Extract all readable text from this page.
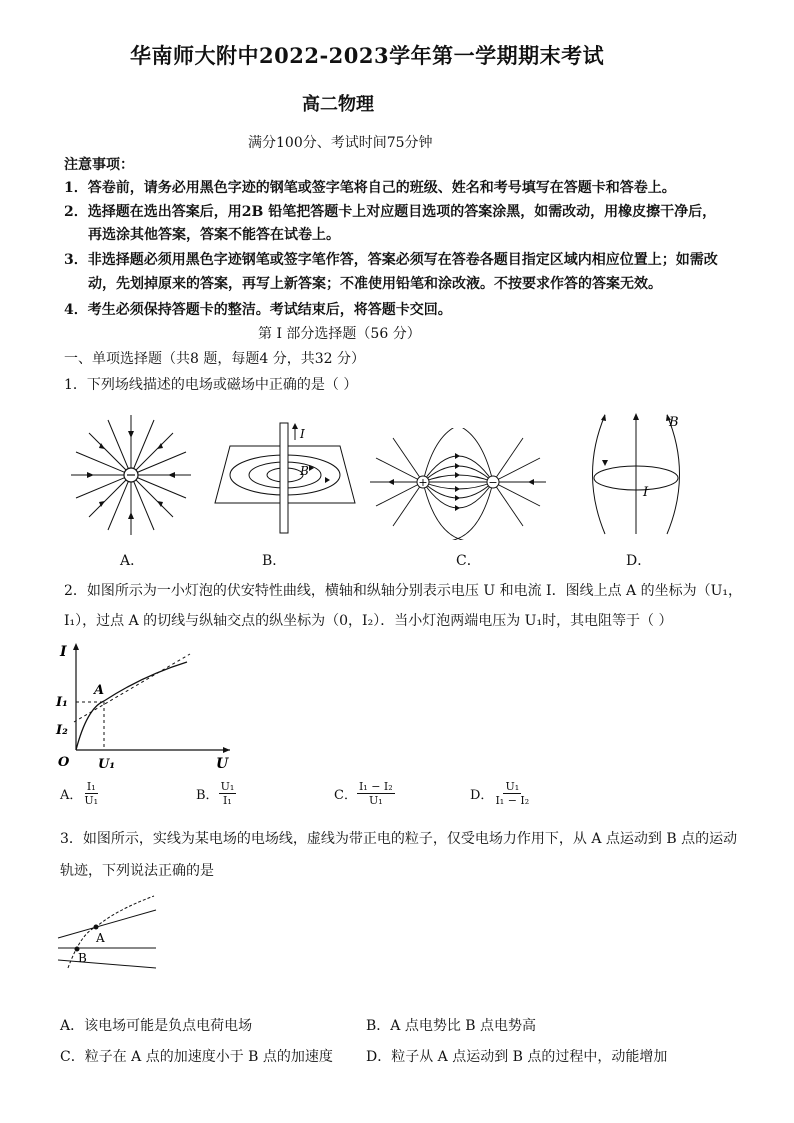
华南师大附中2022-2023学年第一学期期末考试
高二物理
满分100分、考试时间75分钟
注意事项：
1．答卷前，请务必用黑色字迹的钢笔或签字笔将自己的班级、姓名和考号填写在答题卡和答卷上。
2．选择题在选出答案后，用2B 铅笔把答题卡上对应题目选项的答案涂黑，如需改动，用橡皮擦干净后，
再选涂其他答案，答案不能答在试卷上。
3．非选择题必须用黑色字迹钢笔或签字笔作答，答案必须写在答卷各题目指定区域内相应位置上；如需改
动，先划掉原来的答案，再写上新答案；不准使用铅笔和涂改液。不按要求作答的答案无效。
4．考生必须保持答题卡的整洁。考试结束后，将答题卡交回。
第 I 部分选择题（56 分）
一、单项选择题（共8 题，每题4 分，共32 分）
1．下列场线描述的电场或磁场中正确的是（ ）
A．
I
B
B．
+	−
C．
B
I
D．
2．如图所示为一小灯泡的伏安特性曲线，横轴和纵轴分别表示电压 U 和电流 I．图线上点 A 的坐标为（U₁，
I₁），过点 A 的切线与纵轴交点的纵坐标为（0，I₂）．当小灯泡两端电压为 U₁时，其电阻等于（ ）
I
U
O
I₁
I₂
U₁
A
A． $\frac{\text{I₁}}{\text{U₁}}$	B． $\frac{\text{U₁}}{\text{I₁}}$	C． $\frac{\text{I₁ − I₂}}{\text{U₁}}$	D． $\frac{\text{U₁}}{\text{I₁ − I₂}}$
3．如图所示，实线为某电场的电场线，虚线为带正电的粒子，仅受电场力作用下，从 A 点运动到 B 点的运动
轨迹，下列说法正确的是
A
B
A．该电场可能是负点电荷电场	B．A 点电势比 B 点电势高
C．粒子在 A 点的加速度小于 B 点的加速度 D．粒子从 A 点运动到 B 点的过程中，动能增加
